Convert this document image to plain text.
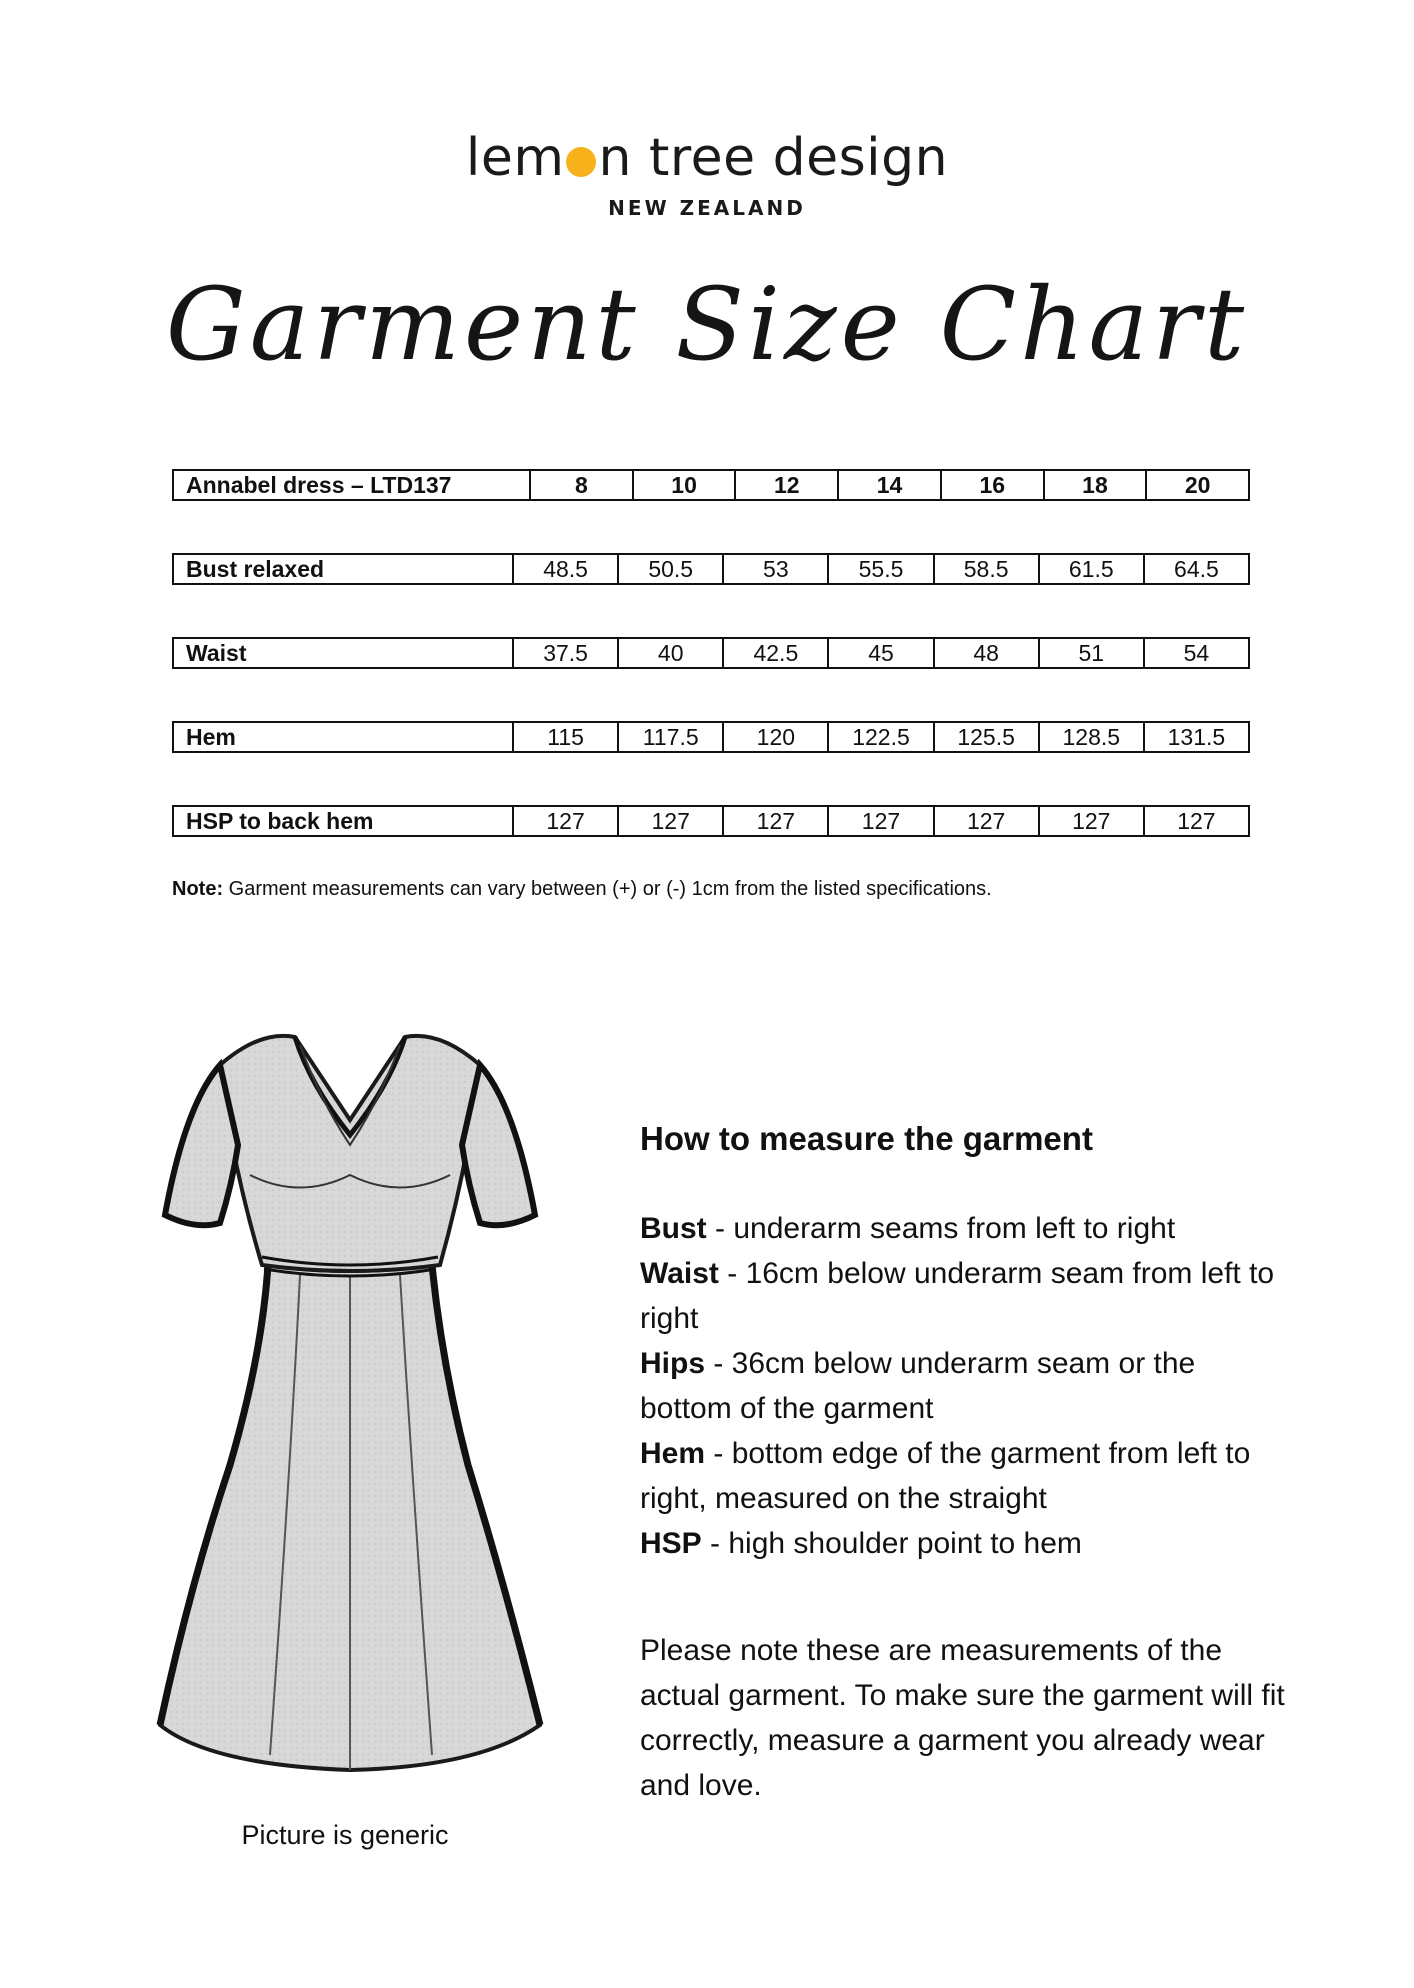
lem n tree design
NEW ZEALAND
Garment Size Chart
Annabel dress – LTD137	8	10	12	14	16	18	20
Bust relaxed	48.5	50.5	53	55.5	58.5	61.5	64.5
Waist	37.5	40	42.5	45	48	51	54
Hem	115	117.5	120	122.5	125.5	128.5	131.5
HSP to back hem	127	127	127	127	127	127	127
Note: Garment measurements can vary between (+) or (-) 1cm from the listed specifications.
Picture is generic
How to measure the garment
Bust - underarm seams from left to right
Waist - 16cm below underarm seam from left to right
Hips - 36cm below underarm seam or the bottom of the garment
Hem - bottom edge of the garment from left to right, measured on the straight
HSP - high shoulder point to hem
Please note these are measurements of the actual garment. To make sure the garment will fit correctly, measure a garment you already wear and love.
